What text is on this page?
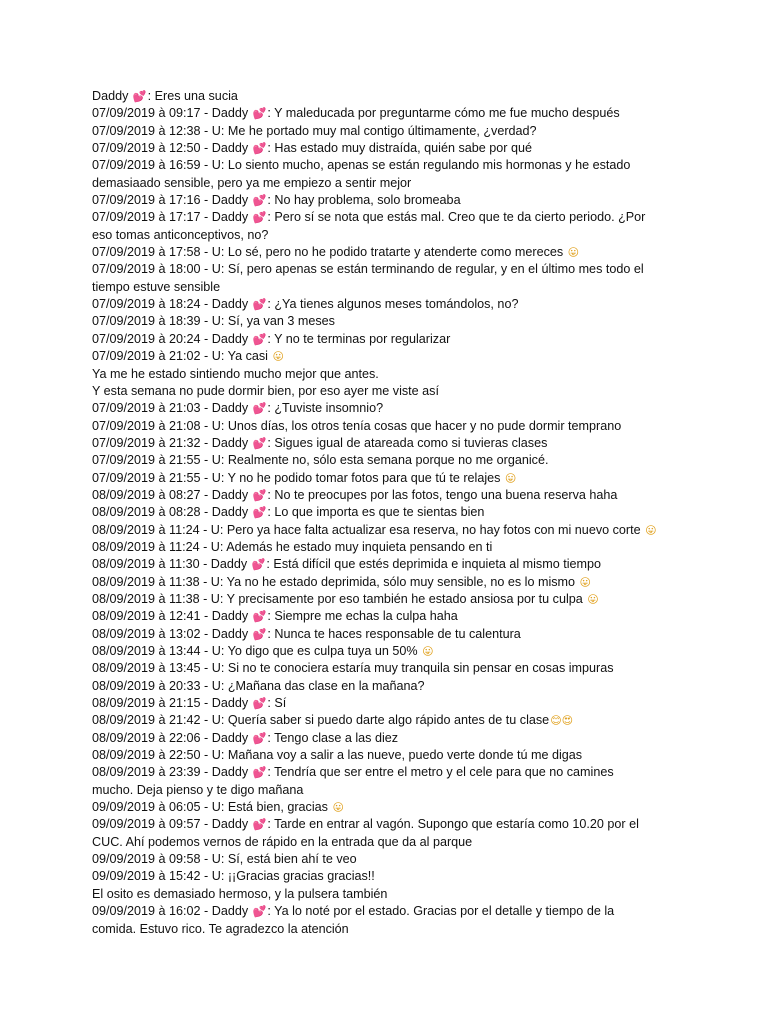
Daddy 💕: Eres una sucia
07/09/2019 à 09:17 - Daddy 💕: Y maleducada por preguntarme cómo me fue mucho después
07/09/2019 à 12:38 - U: Me he portado muy mal contigo últimamente, ¿verdad?
07/09/2019 à 12:50 - Daddy 💕: Has estado muy distraída, quién sabe por qué
07/09/2019 à 16:59 - U: Lo siento mucho, apenas se están regulando mis hormonas y he estado
demasiaado sensible, pero ya me empiezo a sentir mejor
07/09/2019 à 17:16 - Daddy 💕: No hay problema, solo bromeaba
07/09/2019 à 17:17 - Daddy 💕: Pero sí se nota que estás mal. Creo que te da cierto periodo. ¿Por
eso tomas anticonceptivos, no?
07/09/2019 à 17:58 - U: Lo sé, pero no he podido tratarte y atenderte como mereces 😛
07/09/2019 à 18:00 - U: Sí, pero apenas se están terminando de regular, y en el último mes todo el
tiempo estuve sensible
07/09/2019 à 18:24 - Daddy 💕: ¿Ya tienes algunos meses tomándolos, no?
07/09/2019 à 18:39 - U: Sí, ya van 3 meses
07/09/2019 à 20:24 - Daddy 💕: Y no te terminas por regularizar
07/09/2019 à 21:02 - U: Ya casi 😛
Ya me he estado sintiendo mucho mejor que antes.
Y esta semana no pude dormir bien, por eso ayer me viste así
07/09/2019 à 21:03 - Daddy 💕: ¿Tuviste insomnio?
07/09/2019 à 21:08 - U: Unos días, los otros tenía cosas que hacer y no pude dormir temprano
07/09/2019 à 21:32 - Daddy 💕: Sigues igual de atareada como si tuvieras clases
07/09/2019 à 21:55 - U: Realmente no, sólo esta semana porque no me organicé.
07/09/2019 à 21:55 - U: Y no he podido tomar fotos para que tú te relajes 😛
08/09/2019 à 08:27 - Daddy 💕: No te preocupes por las fotos, tengo una buena reserva haha
08/09/2019 à 08:28 - Daddy 💕: Lo que importa es que te sientas bien
08/09/2019 à 11:24 - U: Pero ya hace falta actualizar esa reserva, no hay fotos con mi nuevo corte 😛
08/09/2019 à 11:24 - U: Además he estado muy inquieta pensando en ti
08/09/2019 à 11:30 - Daddy 💕: Está difícil que estés deprimida e inquieta al mismo tiempo
08/09/2019 à 11:38 - U: Ya no he estado deprimida, sólo muy sensible, no es lo mismo 😛
08/09/2019 à 11:38 - U: Y precisamente por eso también he estado ansiosa por tu culpa 😛
08/09/2019 à 12:41 - Daddy 💕: Siempre me echas la culpa haha
08/09/2019 à 13:02 - Daddy 💕: Nunca te haces responsable de tu calentura
08/09/2019 à 13:44 - U: Yo digo que es culpa tuya un 50% 😛
08/09/2019 à 13:45 - U: Si no te conociera estaría muy tranquila sin pensar en cosas impuras
08/09/2019 à 20:33 - U: ¿Mañana das clase en la mañana?
08/09/2019 à 21:15 - Daddy 💕: Sí
08/09/2019 à 21:42 - U: Quería saber si puedo darte algo rápido antes de tu clase😊😍
08/09/2019 à 22:06 - Daddy 💕: Tengo clase a las diez
08/09/2019 à 22:50 - U: Mañana voy a salir a las nueve, puedo verte donde tú me digas
08/09/2019 à 23:39 - Daddy 💕: Tendría que ser entre el metro y el cele para que no camines
mucho. Deja pienso y te digo mañana
09/09/2019 à 06:05 - U: Está bien, gracias 😛
09/09/2019 à 09:57 - Daddy 💕: Tarde en entrar al vagón. Supongo que estaría como 10.20 por el
CUC. Ahí podemos vernos de rápido en la entrada que da al parque
09/09/2019 à 09:58 - U: Sí, está bien ahí te veo
09/09/2019 à 15:42 - U: ¡¡Gracias gracias gracias!!
El osito es demasiado hermoso, y la pulsera también
09/09/2019 à 16:02 - Daddy 💕: Ya lo noté por el estado. Gracias por el detalle y tiempo de la
comida. Estuvo rico. Te agradezco la atención
